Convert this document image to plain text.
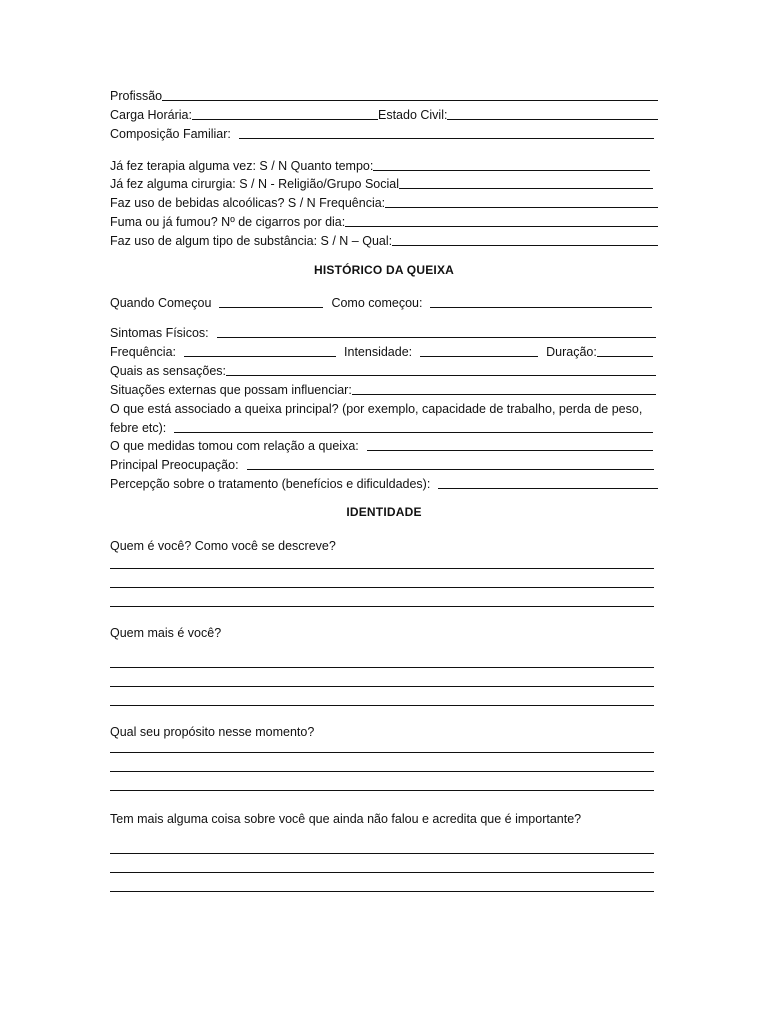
Profissão
Carga Horária:	Estado Civil:
Composição Familiar:
Já fez terapia alguma vez: S / N Quanto tempo:
Já fez alguma cirurgia: S / N - Religião/Grupo Social
Faz uso de bebidas alcoólicas? S / N Frequência:
Fuma ou já fumou? Nº de cigarros por dia:
Faz uso de algum tipo de substância: S / N – Qual:
HISTÓRICO DA QUEIXA
Quando Começou	Como começou:
Sintomas Físicos:
Frequência:	Intensidade:	Duração:
Quais as sensações:
Situações externas que possam influenciar:
O que está associado a queixa principal? (por exemplo, capacidade de trabalho, perda de peso,
febre etc):
O que medidas tomou com relação a queixa:
Principal Preocupação:
Percepção sobre o tratamento (benefícios e dificuldades):
IDENTIDADE
Quem é você? Como você se descreve?
Quem mais é você?
Qual seu propósito nesse momento?
Tem mais alguma coisa sobre você que ainda não falou e acredita que é importante?
